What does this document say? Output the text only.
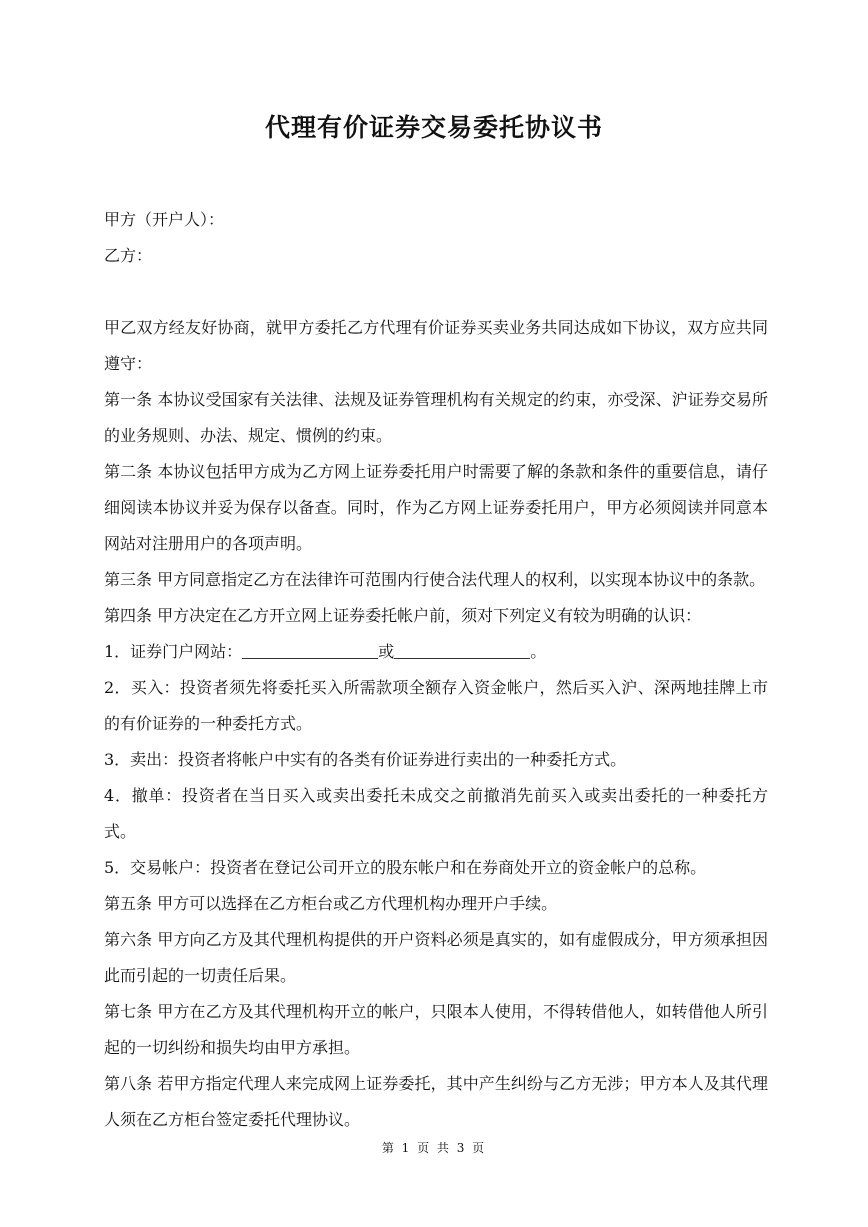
代理有价证券交易委托协议书

甲方（开户人）：

乙方：

甲乙双方经友好协商，就甲方委托乙方代理有价证券买卖业务共同达成如下协议，双方应共同遵守：

第一条 本协议受国家有关法律、法规及证券管理机构有关规定的约束，亦受深、沪证券交易所的业务规则、办法、规定、惯例的约束。

第二条 本协议包括甲方成为乙方网上证券委托用户时需要了解的条款和条件的重要信息，请仔细阅读本协议并妥为保存以备查。同时，作为乙方网上证券委托用户，甲方必须阅读并同意本网站对注册用户的各项声明。

第三条 甲方同意指定乙方在法律许可范围内行使合法代理人的权利，以实现本协议中的条款。

第四条 甲方决定在乙方开立网上证券委托帐户前，须对下列定义有较为明确的认识：

1．证券门户网站：	或	。

2．买入：投资者须先将委托买入所需款项全额存入资金帐户，然后买入沪、深两地挂牌上市的有价证券的一种委托方式。

3．卖出：投资者将帐户中实有的各类有价证券进行卖出的一种委托方式。

4．撤单：投资者在当日买入或卖出委托未成交之前撤消先前买入或卖出委托的一种委托方式。

5．交易帐户：投资者在登记公司开立的股东帐户和在券商处开立的资金帐户的总称。

第五条 甲方可以选择在乙方柜台或乙方代理机构办理开户手续。

第六条 甲方向乙方及其代理机构提供的开户资料必须是真实的，如有虚假成分，甲方须承担因此而引起的一切责任后果。

第七条 甲方在乙方及其代理机构开立的帐户，只限本人使用，不得转借他人，如转借他人所引起的一切纠纷和损失均由甲方承担。

第八条 若甲方指定代理人来完成网上证券委托，其中产生纠纷与乙方无涉；甲方本人及其代理人须在乙方柜台签定委托代理协议。

第 1 页 共 3 页
